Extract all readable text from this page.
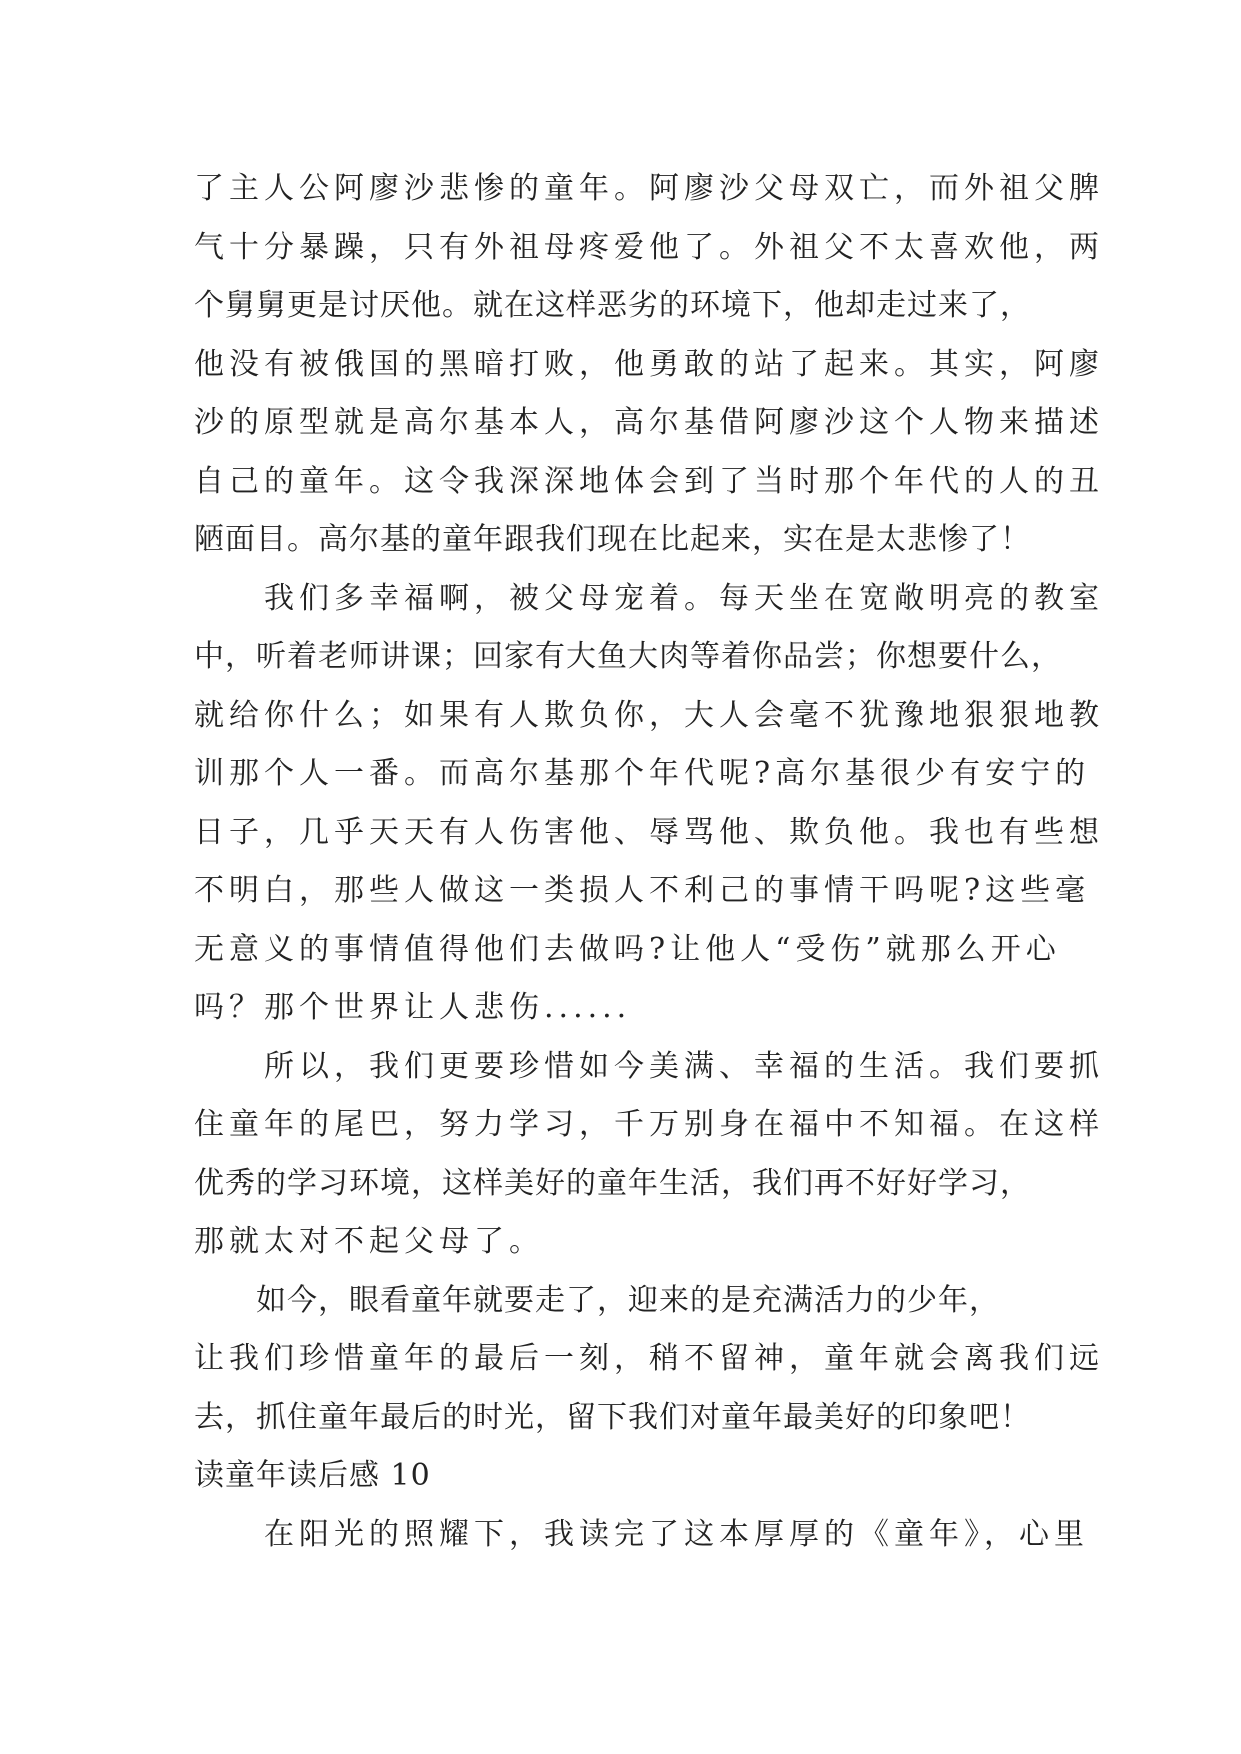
了主人公阿廖沙悲惨的童年。阿廖沙父母双亡，而外祖父脾
气十分暴躁，只有外祖母疼爱他了。外祖父不太喜欢他，两
个舅舅更是讨厌他。就在这样恶劣的环境下，他却走过来了，
他没有被俄国的黑暗打败，他勇敢的站了起来。其实，阿廖
沙的原型就是高尔基本人，高尔基借阿廖沙这个人物来描述
自己的童年。这令我深深地体会到了当时那个年代的人的丑
陋面目。高尔基的童年跟我们现在比起来，实在是太悲惨了！
　　我们多幸福啊，被父母宠着。每天坐在宽敞明亮的教室
中，听着老师讲课；回家有大鱼大肉等着你品尝；你想要什么，
就给你什么；如果有人欺负你，大人会毫不犹豫地狠狠地教
训那个人一番。而高尔基那个年代呢?高尔基很少有安宁的
日子，几乎天天有人伤害他、辱骂他、欺负他。我也有些想
不明白，那些人做这一类损人不利己的事情干吗呢?这些毫
无意义的事情值得他们去做吗?让他人“受伤”就那么开心
吗？那个世界让人悲伤......
　　所以，我们更要珍惜如今美满、幸福的生活。我们要抓
住童年的尾巴，努力学习，千万别身在福中不知福。在这样
优秀的学习环境，这样美好的童年生活，我们再不好好学习，
那就太对不起父母了。
　　如今，眼看童年就要走了，迎来的是充满活力的少年，
让我们珍惜童年的最后一刻，稍不留神，童年就会离我们远
去，抓住童年最后的时光，留下我们对童年最美好的印象吧！
读童年读后感 10
　　在阳光的照耀下，我读完了这本厚厚的《童年》，心里
